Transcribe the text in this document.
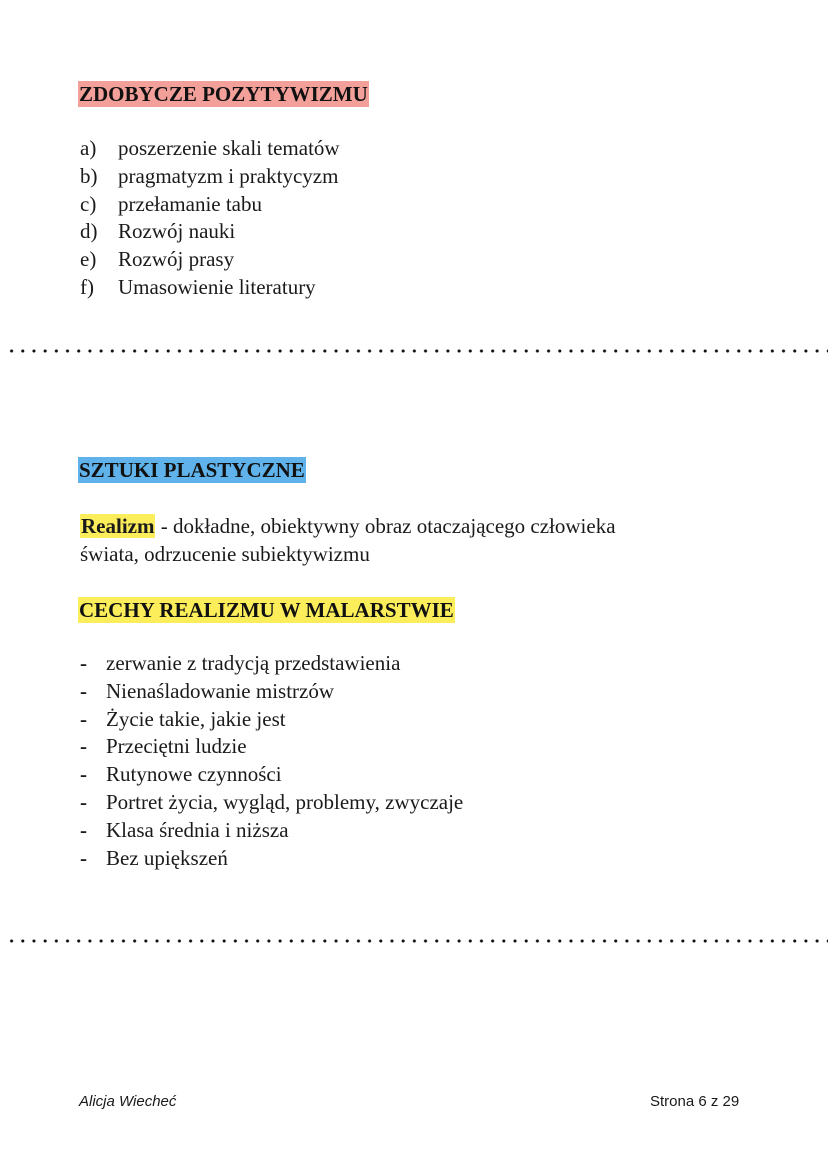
ZDOBYCZE POZYTYWIZMU
a) poszerzenie skali tematów
b) pragmatyzm i praktycyzm
c) przełamanie tabu
d) Rozwój nauki
e) Rozwój prasy
f) Umasowienie literatury
SZTUKI PLASTYCZNE
Realizm - dokładne, obiektywny obraz otaczającego człowieka
świata, odrzucenie subiektywizmu
CECHY REALIZMU W MALARSTWIE
- zerwanie z tradycją przedstawienia
- Nienaśladowanie mistrzów
- Życie takie, jakie jest
- Przeciętni ludzie
- Rutynowe czynności
- Portret życia, wygląd, problemy, zwyczaje
- Klasa średnia i niższa
- Bez upiększeń
Alicja Wiecheć	Strona 6 z 29
